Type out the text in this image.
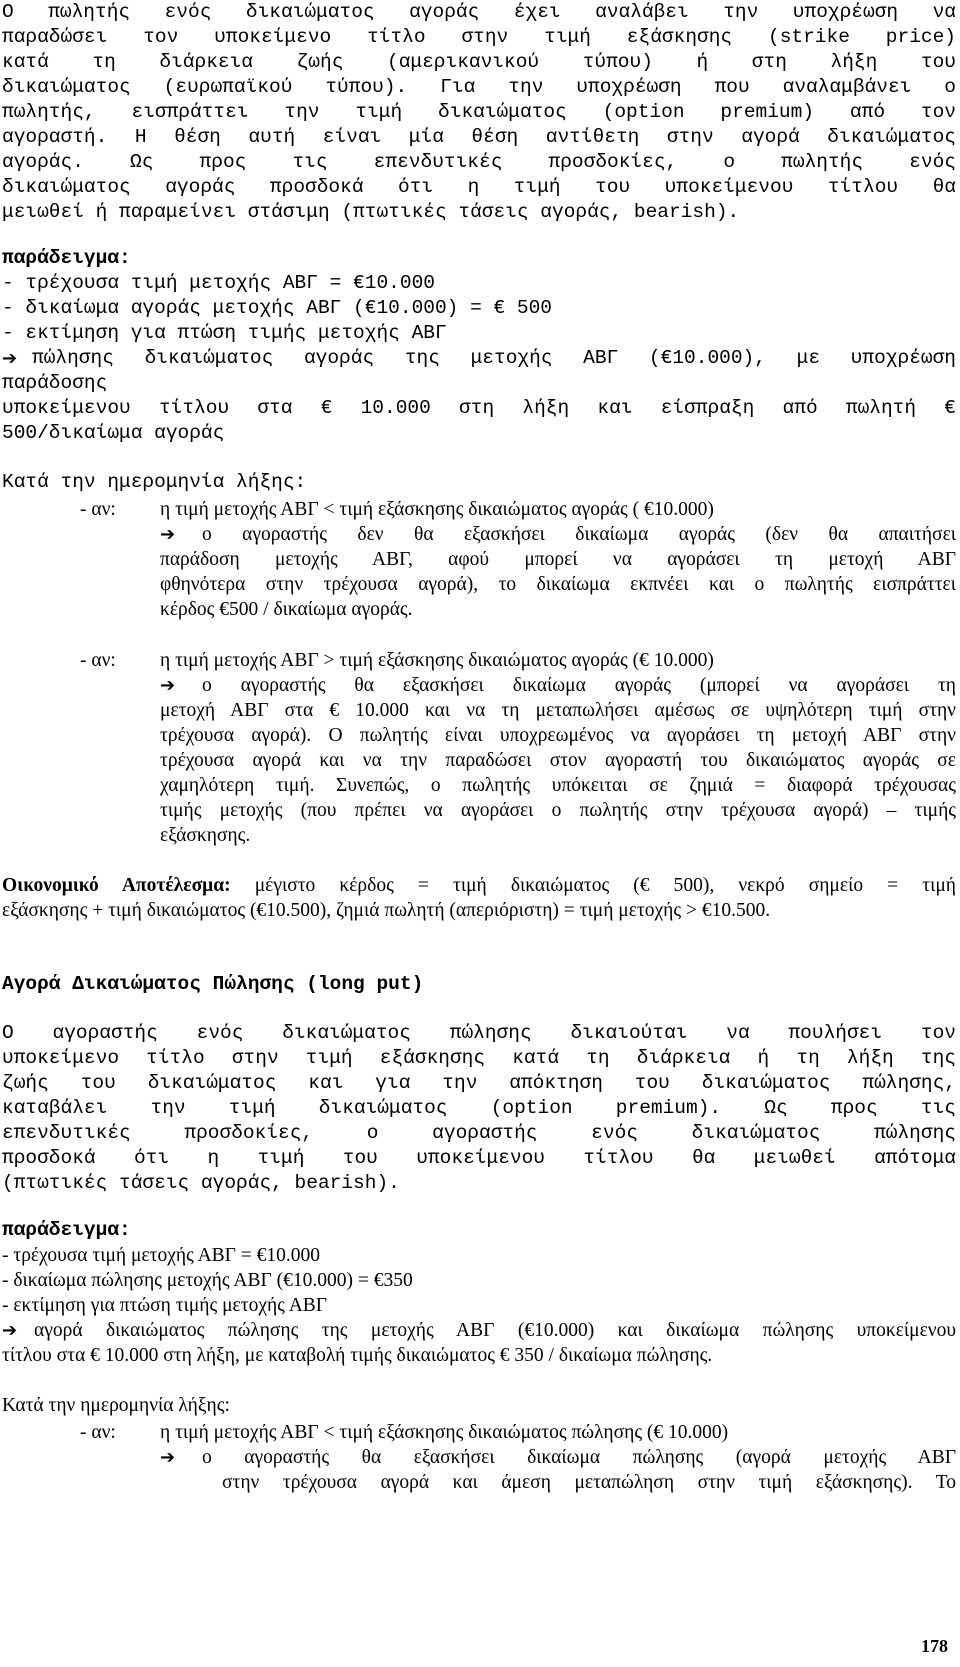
Ο πωλητής ενός δικαιώματος αγοράς έχει αναλάβει την υποχρέωση να
παραδώσει τον υποκείμενο τίτλο στην τιμή εξάσκησης (strike price)
κατά τη διάρκεια ζωής (αμερικανικού τύπου) ή στη λήξη του
δικαιώματος (ευρωπαϊκού τύπου). Για την υποχρέωση που αναλαμβάνει ο
πωλητής, εισπράττει την τιμή δικαιώματος (option premium) από τον
αγοραστή. Η θέση αυτή είναι μία θέση αντίθετη στην αγορά δικαιώματος
αγοράς. Ως προς τις επενδυτικές προσδοκίες, ο πωλητής ενός
δικαιώματος αγοράς προσδοκά ότι η τιμή του υποκείμενου τίτλου θα
μειωθεί ή παραμείνει στάσιμη (πτωτικές τάσεις αγοράς, bearish).
παράδειγμα:
- τρέχουσα τιμή μετοχής ΑΒΓ = €10.000
- δικαίωμα αγοράς μετοχής ΑΒΓ (€10.000) = € 500
- εκτίμηση για πτώση τιμής μετοχής ΑΒΓ
➔ πώλησης δικαιώματος αγοράς της μετοχής ΑΒΓ (€10.000), με υποχρέωση
παράδοσης
υποκείμενου τίτλου στα € 10.000 στη λήξη και είσπραξη από πωλητή €
500/δικαίωμα αγοράς
Κατά την ημερομηνία λήξης:
- αν:	η τιμή μετοχής ΑΒΓ < τιμή εξάσκησης δικαιώματος αγοράς ( €10.000)
➔	ο αγοραστής δεν θα εξασκήσει δικαίωμα αγοράς (δεν θα απαιτήσει
παράδοση μετοχής ΑΒΓ, αφού μπορεί να αγοράσει τη μετοχή ΑΒΓ
φθηνότερα στην τρέχουσα αγορά), το δικαίωμα εκπνέει και ο πωλητής εισπράττει
κέρδος €500 / δικαίωμα αγοράς.
- αν:	η τιμή μετοχής ΑΒΓ > τιμή εξάσκησης δικαιώματος αγοράς (€ 10.000)
➔	ο αγοραστής θα εξασκήσει δικαίωμα αγοράς (μπορεί να αγοράσει τη
μετοχή ΑΒΓ στα € 10.000 και να τη μεταπωλήσει αμέσως σε υψηλότερη τιμή στην
τρέχουσα αγορά). Ο πωλητής είναι υποχρεωμένος να αγοράσει τη μετοχή ΑΒΓ στην
τρέχουσα αγορά και να την παραδώσει στον αγοραστή του δικαιώματος αγοράς σε
χαμηλότερη τιμή. Συνεπώς, ο πωλητής υπόκειται σε ζημιά = διαφορά τρέχουσας
τιμής μετοχής (που πρέπει να αγοράσει ο πωλητής στην τρέχουσα αγορά) – τιμής
εξάσκησης.
Οικονομικό Αποτέλεσμα: μέγιστο κέρδος = τιμή δικαιώματος (€ 500), νεκρό σημείο = τιμή
εξάσκησης + τιμή δικαιώματος (€10.500), ζημιά πωλητή (απεριόριστη) = τιμή μετοχής > €10.500.
Αγορά Δικαιώματος Πώλησης (long put)
Ο αγοραστής ενός δικαιώματος πώλησης δικαιούται να πουλήσει τον
υποκείμενο τίτλο στην τιμή εξάσκησης κατά τη διάρκεια ή τη λήξη της
ζωής του δικαιώματος και για την απόκτηση του δικαιώματος πώλησης,
καταβάλει την τιμή δικαιώματος (option premium). Ως προς τις
επενδυτικές προσδοκίες, ο αγοραστής ενός δικαιώματος πώλησης
προσδοκά ότι η τιμή του υποκείμενου τίτλου θα μειωθεί απότομα
(πτωτικές τάσεις αγοράς, bearish).
παράδειγμα:
- τρέχουσα τιμή μετοχής ΑΒΓ = €10.000
- δικαίωμα πώλησης μετοχής ΑΒΓ (€10.000) = €350
- εκτίμηση για πτώση τιμής μετοχής ΑΒΓ
➔ αγορά δικαιώματος πώλησης της μετοχής ΑΒΓ (€10.000) και δικαίωμα πώλησης υποκείμενου
τίτλου στα € 10.000 στη λήξη, με καταβολή τιμής δικαιώματος € 350 / δικαίωμα πώλησης.
Κατά την ημερομηνία λήξης:
- αν:	η τιμή μετοχής ΑΒΓ < τιμή εξάσκησης δικαιώματος πώλησης (€ 10.000)
➔	ο αγοραστής θα εξασκήσει δικαίωμα πώλησης (αγορά μετοχής ΑΒΓ
στην τρέχουσα αγορά και άμεση μεταπώληση στην τιμή εξάσκησης). Το
178
